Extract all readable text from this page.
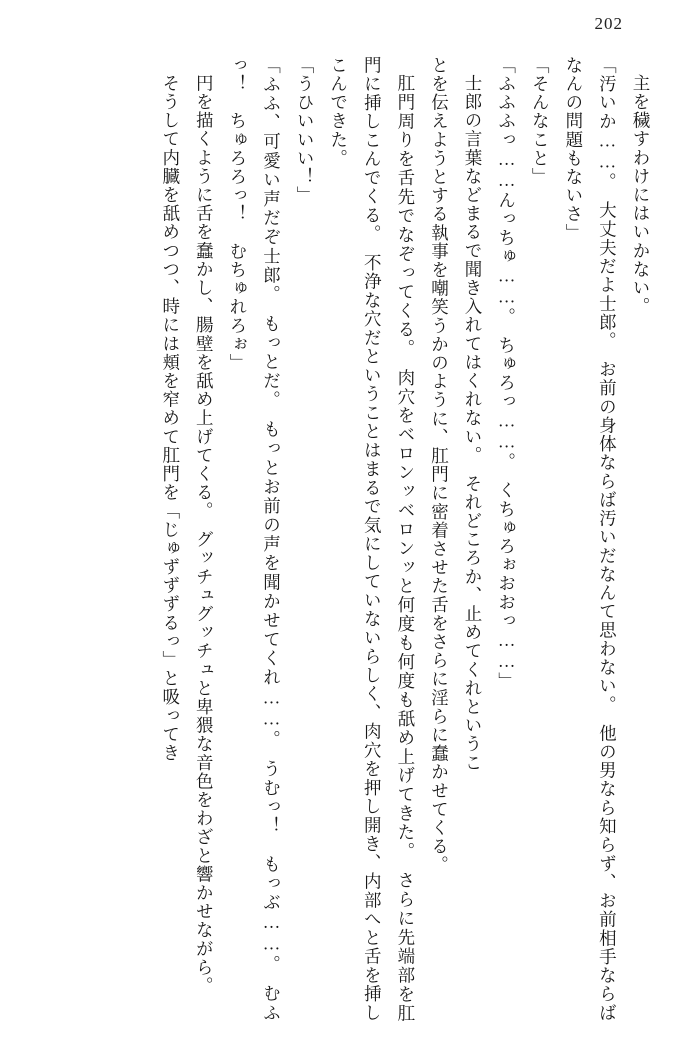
202

主を穢すわけにはいかない。

「汚いか……。　大丈夫だよ士郎。　お前の身体ならば汚いだなんて思わない。　他の男なら知らず、お前相手ならばなんの問題もないさ」

「そんなこと」

「ふふふっ……んっちゅ……。　ちゅろっ……。　くちゅろぉおおっ……」

士郎の言葉などまるで聞き入れてはくれない。　それどころか、止めてくれというこ

とを伝えようとする執事を嘲笑うかのように、肛門に密着させた舌をさらに淫らに蠢かせてくる。

肛門周りを舌先でなぞってくる。　肉穴をベロンッベロンッと何度も何度も舐め上げてきた。　さらに先端部を肛門に挿しこんでくる。　不浄な穴だということはまるで気にしていないらしく、肉穴を押し開き、内部へと舌を挿しこんできた。

「うひいいい！」

「ふふ、可愛い声だぞ士郎。　もっとだ。　もっとお前の声を聞かせてくれ……。　うむっ！　もっぶ……。　むふっ！　ちゅろろっ！　むちゅれろぉ」

円を描くように舌を蠢かし、腸壁を舐め上げてくる。　グッチュグッチュと卑猥な音色をわざと響かせながら。

そうして内臓を舐めつつ、時には頬を窄めて肛門を「じゅずずずるっ」と吸ってき
